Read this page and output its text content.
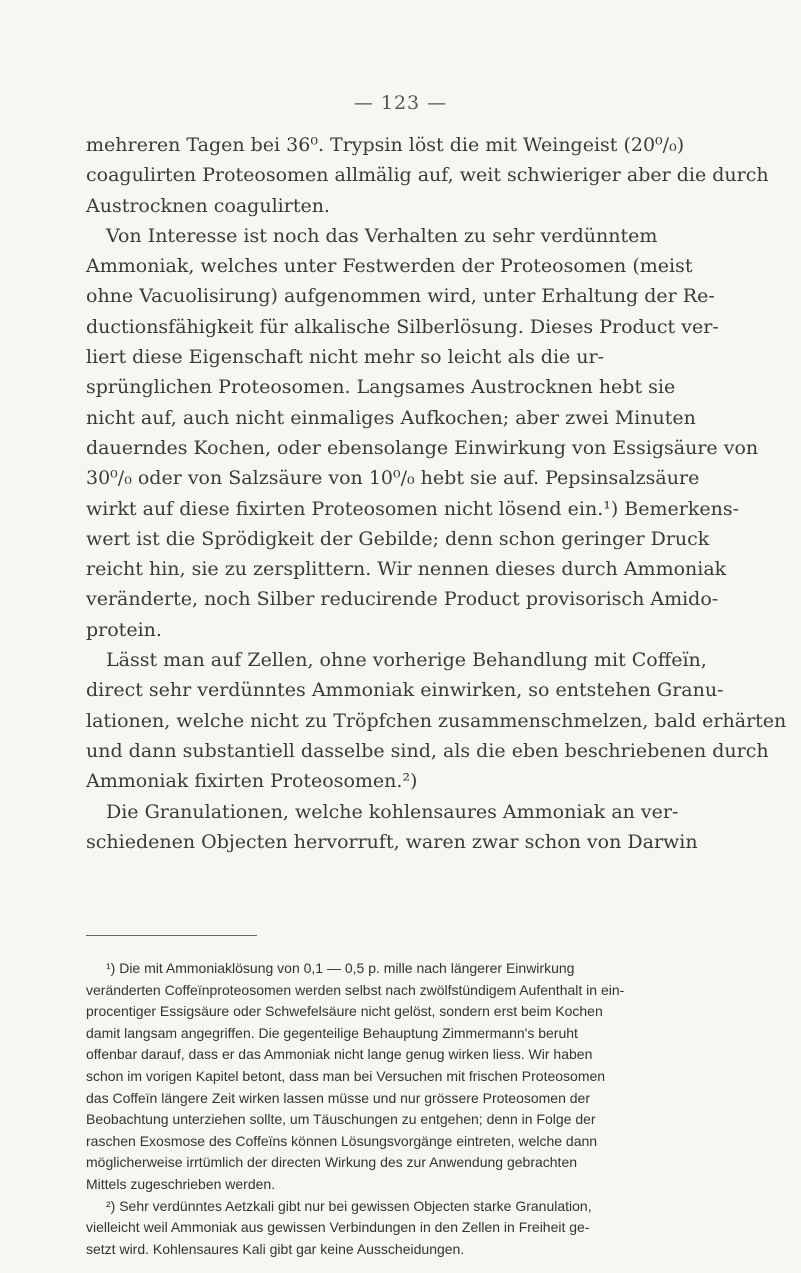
— 123 —
mehreren Tagen bei 36⁰. Trypsin löst die mit Weingeist (20⁰/₀)
coagulirten Proteosomen allmälig auf, weit schwieriger aber die durch
Austrocknen coagulirten.
Von Interesse ist noch das Verhalten zu sehr verdünntem
Ammoniak, welches unter Festwerden der Proteosomen (meist
ohne Vacuolisirung) aufgenommen wird, unter Erhaltung der Re-
ductionsfähigkeit für alkalische Silberlösung. Dieses Product ver-
liert diese Eigenschaft nicht mehr so leicht als die ur-
sprünglichen Proteosomen. Langsames Austrocknen hebt sie
nicht auf, auch nicht einmaliges Aufkochen; aber zwei Minuten
dauerndes Kochen, oder ebensolange Einwirkung von Essigsäure von
30⁰/₀ oder von Salzsäure von 10⁰/₀ hebt sie auf. Pepsinsalzsäure
wirkt auf diese fixirten Proteosomen nicht lösend ein.¹) Bemerkens-
wert ist die Sprödigkeit der Gebilde; denn schon geringer Druck
reicht hin, sie zu zersplittern. Wir nennen dieses durch Ammoniak
veränderte, noch Silber reducirende Product provisorisch Amido-
protein.
Lässt man auf Zellen, ohne vorherige Behandlung mit Coffeïn,
direct sehr verdünntes Ammoniak einwirken, so entstehen Granu-
lationen, welche nicht zu Tröpfchen zusammenschmelzen, bald erhärten
und dann substantiell dasselbe sind, als die eben beschriebenen durch
Ammoniak fixirten Proteosomen.²)
Die Granulationen, welche kohlensaures Ammoniak an ver-
schiedenen Objecten hervorruft, waren zwar schon von Darwin
¹) Die mit Ammoniaklösung von 0,1 — 0,5 p. mille nach längerer Einwirkung
veränderten Coffeïnproteosomen werden selbst nach zwölfstündigem Aufenthalt in ein-
procentiger Essigsäure oder Schwefelsäure nicht gelöst, sondern erst beim Kochen
damit langsam angegriffen. Die gegenteilige Behauptung Zimmermann's beruht
offenbar darauf, dass er das Ammoniak nicht lange genug wirken liess. Wir haben
schon im vorigen Kapitel betont, dass man bei Versuchen mit frischen Proteosomen
das Coffeïn längere Zeit wirken lassen müsse und nur grössere Proteosomen der
Beobachtung unterziehen sollte, um Täuschungen zu entgehen; denn in Folge der
raschen Exosmose des Coffeïns können Lösungsvorgänge eintreten, welche dann
möglicherweise irrtümlich der directen Wirkung des zur Anwendung gebrachten
Mittels zugeschrieben werden.
²) Sehr verdünntes Aetzkali gibt nur bei gewissen Objecten starke Granulation,
vielleicht weil Ammoniak aus gewissen Verbindungen in den Zellen in Freiheit ge-
setzt wird. Kohlensaures Kali gibt gar keine Ausscheidungen.
